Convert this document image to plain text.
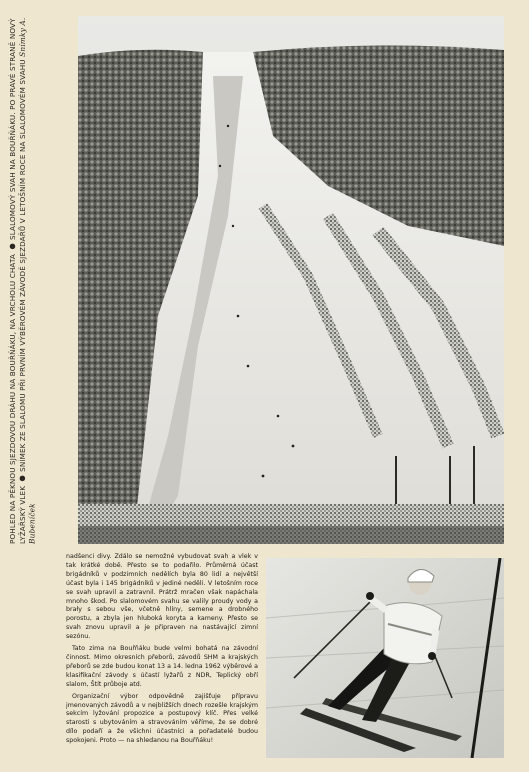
POHLED NA PĚKNOU SJEZDOVOU DRÁHU NA BOUŘŇÁKU, NA VRCHOLU CHATA ● SLALOMOVÝ SVAH NA BOUŘŇÁKU. PO PRAVÉ STRANĚ NOVÝ LYŽAŘSKÝ VLEK ● SNÍMEK ZE SLALOMU PŘI PRVNÍM VÝBĚROVÉM ZÁVODĚ SJEZDAŘŮ V LETOŠNÍM ROCE NA SLALOMOVÉM SVAHU Snímky A. Bubeníček

nadšenci divy. Zdálo se nemožné vybudovat svah a vlek v tak krátké době. Přesto se to podařilo. Průměrná účast brigádníků v podzimních nedělích byla 80 lidí a největší účast byla i 145 brigádníků v jediné neděli. V letošním roce se svah upravil a zatravnil. Prátrž mračen však napáchala mnoho škod. Po slalomovém svahu se valily proudy vody a brały s sebou vše, včetně hlíny, semene a drobného porostu, a zbyla jen hluboká koryta a kameny. Přesto se svah znovu upravil a je připraven na nastávající zimní sezónu.

Tato zima na Bouřňáku bude velmi bohatá na závodní činnost. Mimo okresních přeborů, závodů SHM a krajských přeborů se zde budou konat 13 a 14. ledna 1962 výběrové a klasifikační závody s účastí lyžařů z NDR, Teplický obří slalom, Štít průboje atd.

Organizační výbor odpovědně zajišťuje přípravu jmenovaných závodů a v nejbližších dnech rozešle krajským sekcím lyžování propozice a postupový klíč. Přes velké starosti s ubytováním a stravováním věříme, že se dobré dílo podaří a že všichni účastníci a pořadatelé budou spokojeni. Proto — na shledanou na Bouřňáku!
